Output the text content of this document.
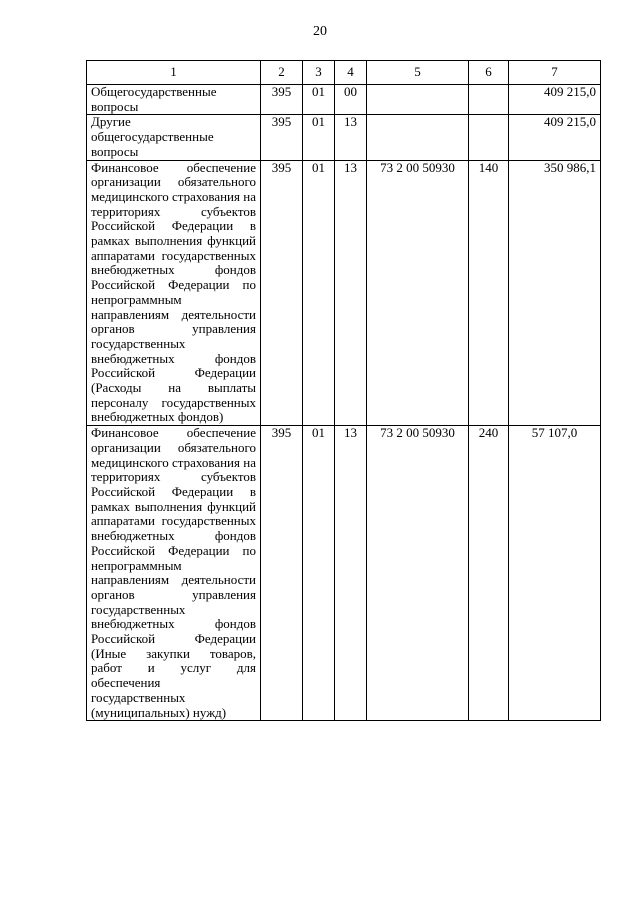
20
1	2	3	4	5	6	7
Общегосударственные вопросы	395	01	00			409 215,0
Другие общегосударственные вопросы	395	01	13			409 215,0
Финансовое обеспечение организации обязательного медицинского страхования на территориях субъектов Российской Федерации в рамках выполнения функций аппаратами государственных внебюджетных фондов Российской Федерации по непрограммным направлениям деятельности органов управления государственных внебюджетных фондов Российской Федерации (Расходы на выплаты персоналу государственных внебюджетных фондов)	395	01	13	73 2 00 50930	140	350 986,1
Финансовое обеспечение организации обязательного медицинского страхования на территориях субъектов Российской Федерации в рамках выполнения функций аппаратами государственных внебюджетных фондов Российской Федерации по непрограммным направлениям деятельности органов управления государственных внебюджетных фондов Российской Федерации (Иные закупки товаров, работ и услуг для обеспечения государственных (муниципальных) нужд)	395	01	13	73 2 00 50930	240	57 107,0
